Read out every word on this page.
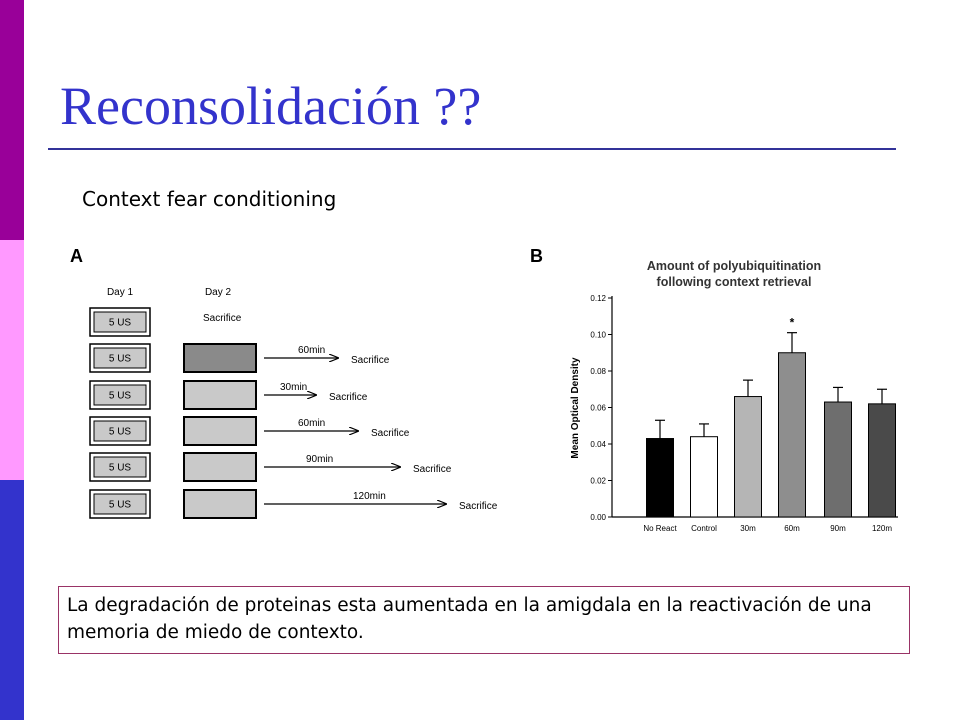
Reconsolidación ??
Context fear conditioning
A
Day 1	Day 2
5 US	Sacrifice
5 US
60min
Sacrifice
5 US
30min
Sacrifice
5 US
60min
Sacrifice
5 US
90min
Sacrifice
5 US
120min
Sacrifice
B	Amount of polyubiquitination
following context retrieval
Mean Optical Density
0.00
0.02
0.04
0.06
0.08
0.10
0.12
No React Control	30m	60m
*
90m	120m
La degradación de proteinas esta aumentada en la amigdala en la reactivación de una memoria de miedo de contexto.
